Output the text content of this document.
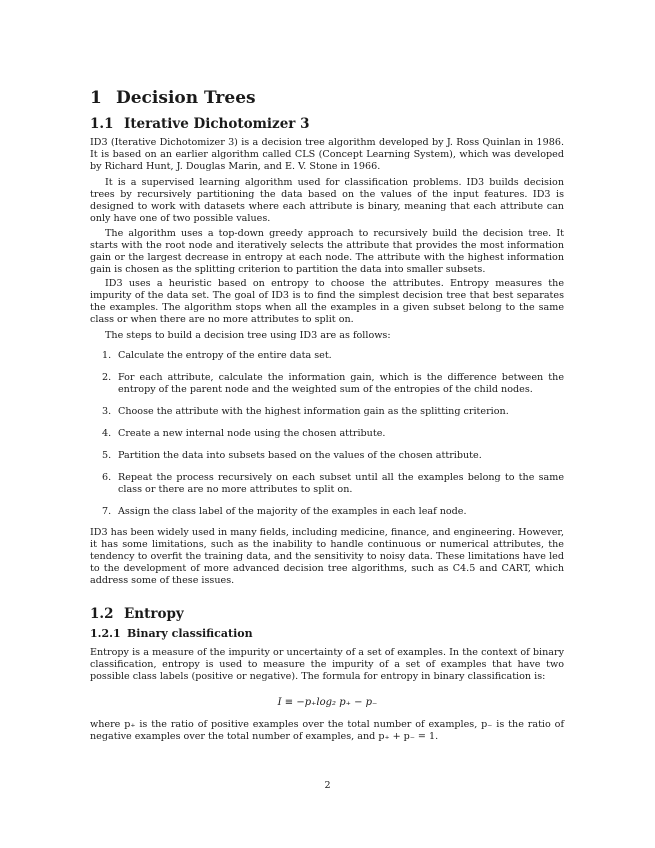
1 Decision Trees
1.1 Iterative Dichotomizer 3

ID3 (Iterative Dichotomizer 3) is a decision tree algorithm developed by J. Ross Quinlan in 1986. It is based on an earlier algorithm called CLS (Concept Learning System), which was developed by Richard Hunt, J. Douglas Marin, and E. V. Stone in 1966.

It is a supervised learning algorithm used for classification problems. ID3 builds decision trees by recursively partitioning the data based on the values of the input features. ID3 is designed to work with datasets where each attribute is binary, meaning that each attribute can only have one of two possible values.

The algorithm uses a top-down greedy approach to recursively build the decision tree. It starts with the root node and iteratively selects the attribute that provides the most information gain or the largest decrease in entropy at each node. The attribute with the highest information gain is chosen as the splitting criterion to partition the data into smaller subsets.

ID3 uses a heuristic based on entropy to choose the attributes. Entropy measures the impurity of the data set. The goal of ID3 is to find the simplest decision tree that best separates the examples. The algorithm stops when all the examples in a given subset belong to the same class or when there are no more attributes to split on.

The steps to build a decision tree using ID3 are as follows:

1. Calculate the entropy of the entire data set.
2. For each attribute, calculate the information gain, which is the difference between the entropy of the parent node and the weighted sum of the entropies of the child nodes.
3. Choose the attribute with the highest information gain as the splitting criterion.
4. Create a new internal node using the chosen attribute.
5. Partition the data into subsets based on the values of the chosen attribute.
6. Repeat the process recursively on each subset until all the examples belong to the same class or there are no more attributes to split on.
7. Assign the class label of the majority of the examples in each leaf node.

ID3 has been widely used in many fields, including medicine, finance, and engineering. However, it has some limitations, such as the inability to handle continuous or numerical attributes, the tendency to overfit the training data, and the sensitivity to noisy data. These limitations have led to the development of more advanced decision tree algorithms, such as C4.5 and CART, which address some of these issues.

1.2 Entropy
1.2.1 Binary classification

Entropy is a measure of the impurity or uncertainty of a set of examples. In the context of binary classification, entropy is used to measure the impurity of a set of examples that have two possible class labels (positive or negative). The formula for entropy in binary classification is:

I ≡ −p₊log₂ p₊ − p₋

where p₊ is the ratio of positive examples over the total number of examples, p₋ is the ratio of negative examples over the total number of examples, and p₊ + p₋ = 1.

2
